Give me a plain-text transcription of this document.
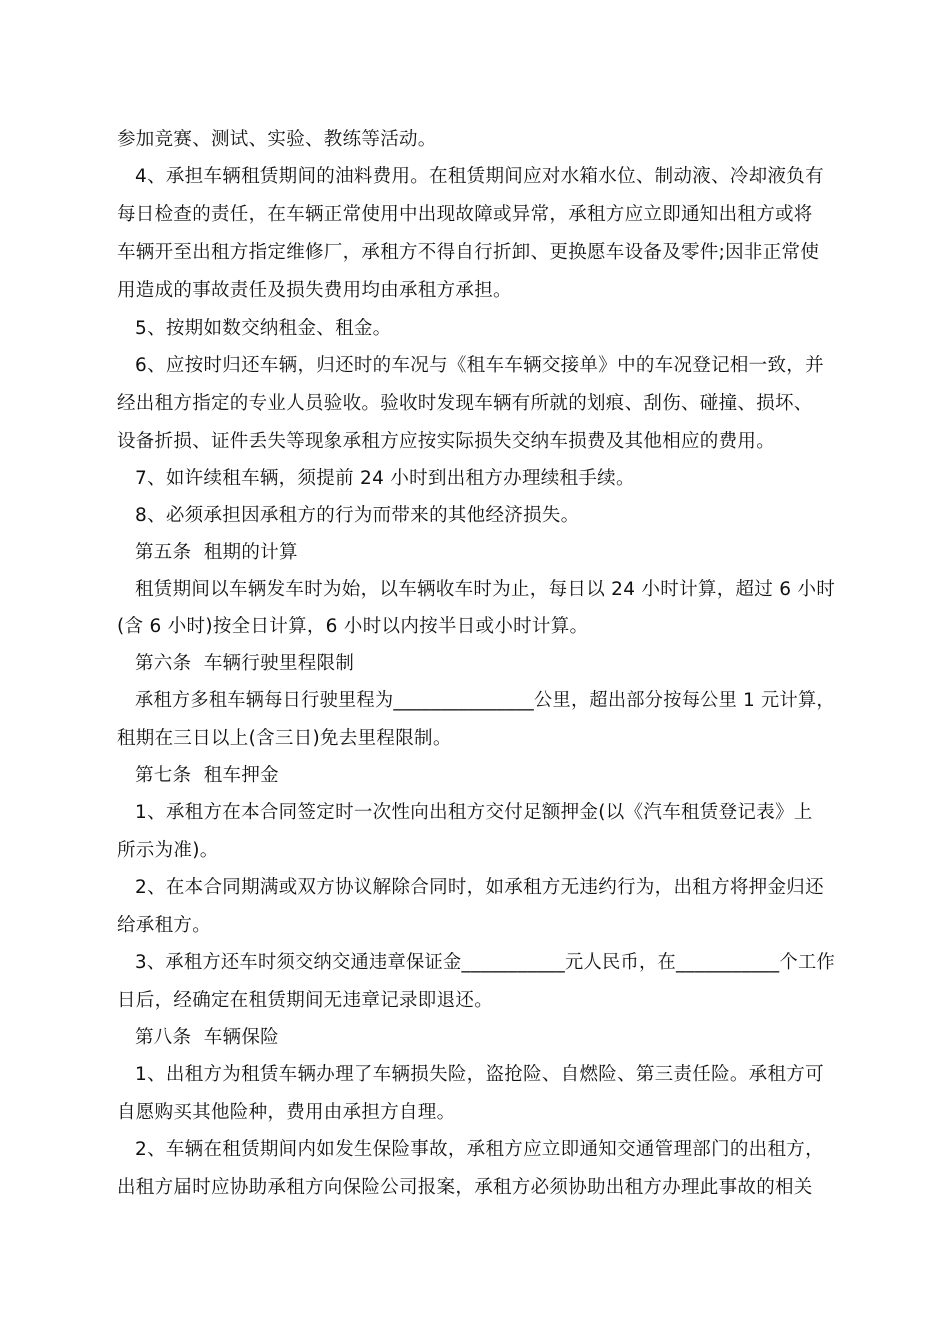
参加竞赛、测试、实验、教练等活动。
4、承担车辆租赁期间的油料费用。在租赁期间应对水箱水位、制动液、冷却液负有
每日检查的责任，在车辆正常使用中出现故障或异常，承租方应立即通知出租方或将
车辆开至出租方指定维修厂，承租方不得自行折卸、更换愿车设备及零件;因非正常使
用造成的事故责任及损失费用均由承租方承担。
5、按期如数交纳租金、租金。
6、应按时归还车辆，归还时的车况与《租车车辆交接单》中的车况登记相一致，并
经出租方指定的专业人员验收。验收时发现车辆有所就的划痕、刮伤、碰撞、损坏、
设备折损、证件丢失等现象承租方应按实际损失交纳车损费及其他相应的费用。
7、如许续租车辆，须提前 24 小时到出租方办理续租手续。
8、必须承担因承租方的行为而带来的其他经济损失。
第五条  租期的计算
租赁期间以车辆发车时为始，以车辆收车时为止，每日以 24 小时计算，超过 6 小时
(含 6 小时)按全日计算，6 小时以内按半日或小时计算。
第六条  车辆行驶里程限制
承租方多租车辆每日行驶里程为_______________公里，超出部分按每公里 1 元计算，
租期在三日以上(含三日)免去里程限制。
第七条  租车押金
1、承租方在本合同签定时一次性向出租方交付足额押金(以《汽车租赁登记表》上
所示为准)。
2、在本合同期满或双方协议解除合同时，如承租方无违约行为，出租方将押金归还
给承租方。
3、承租方还车时须交纳交通违章保证金___________元人民币，在___________个工作
日后，经确定在租赁期间无违章记录即退还。
第八条  车辆保险
1、出租方为租赁车辆办理了车辆损失险，盗抢险、自燃险、第三责任险。承租方可
自愿购买其他险种，费用由承担方自理。
2、车辆在租赁期间内如发生保险事故，承租方应立即通知交通管理部门的出租方，
出租方届时应协助承租方向保险公司报案，承租方必须协助出租方办理此事故的相关
